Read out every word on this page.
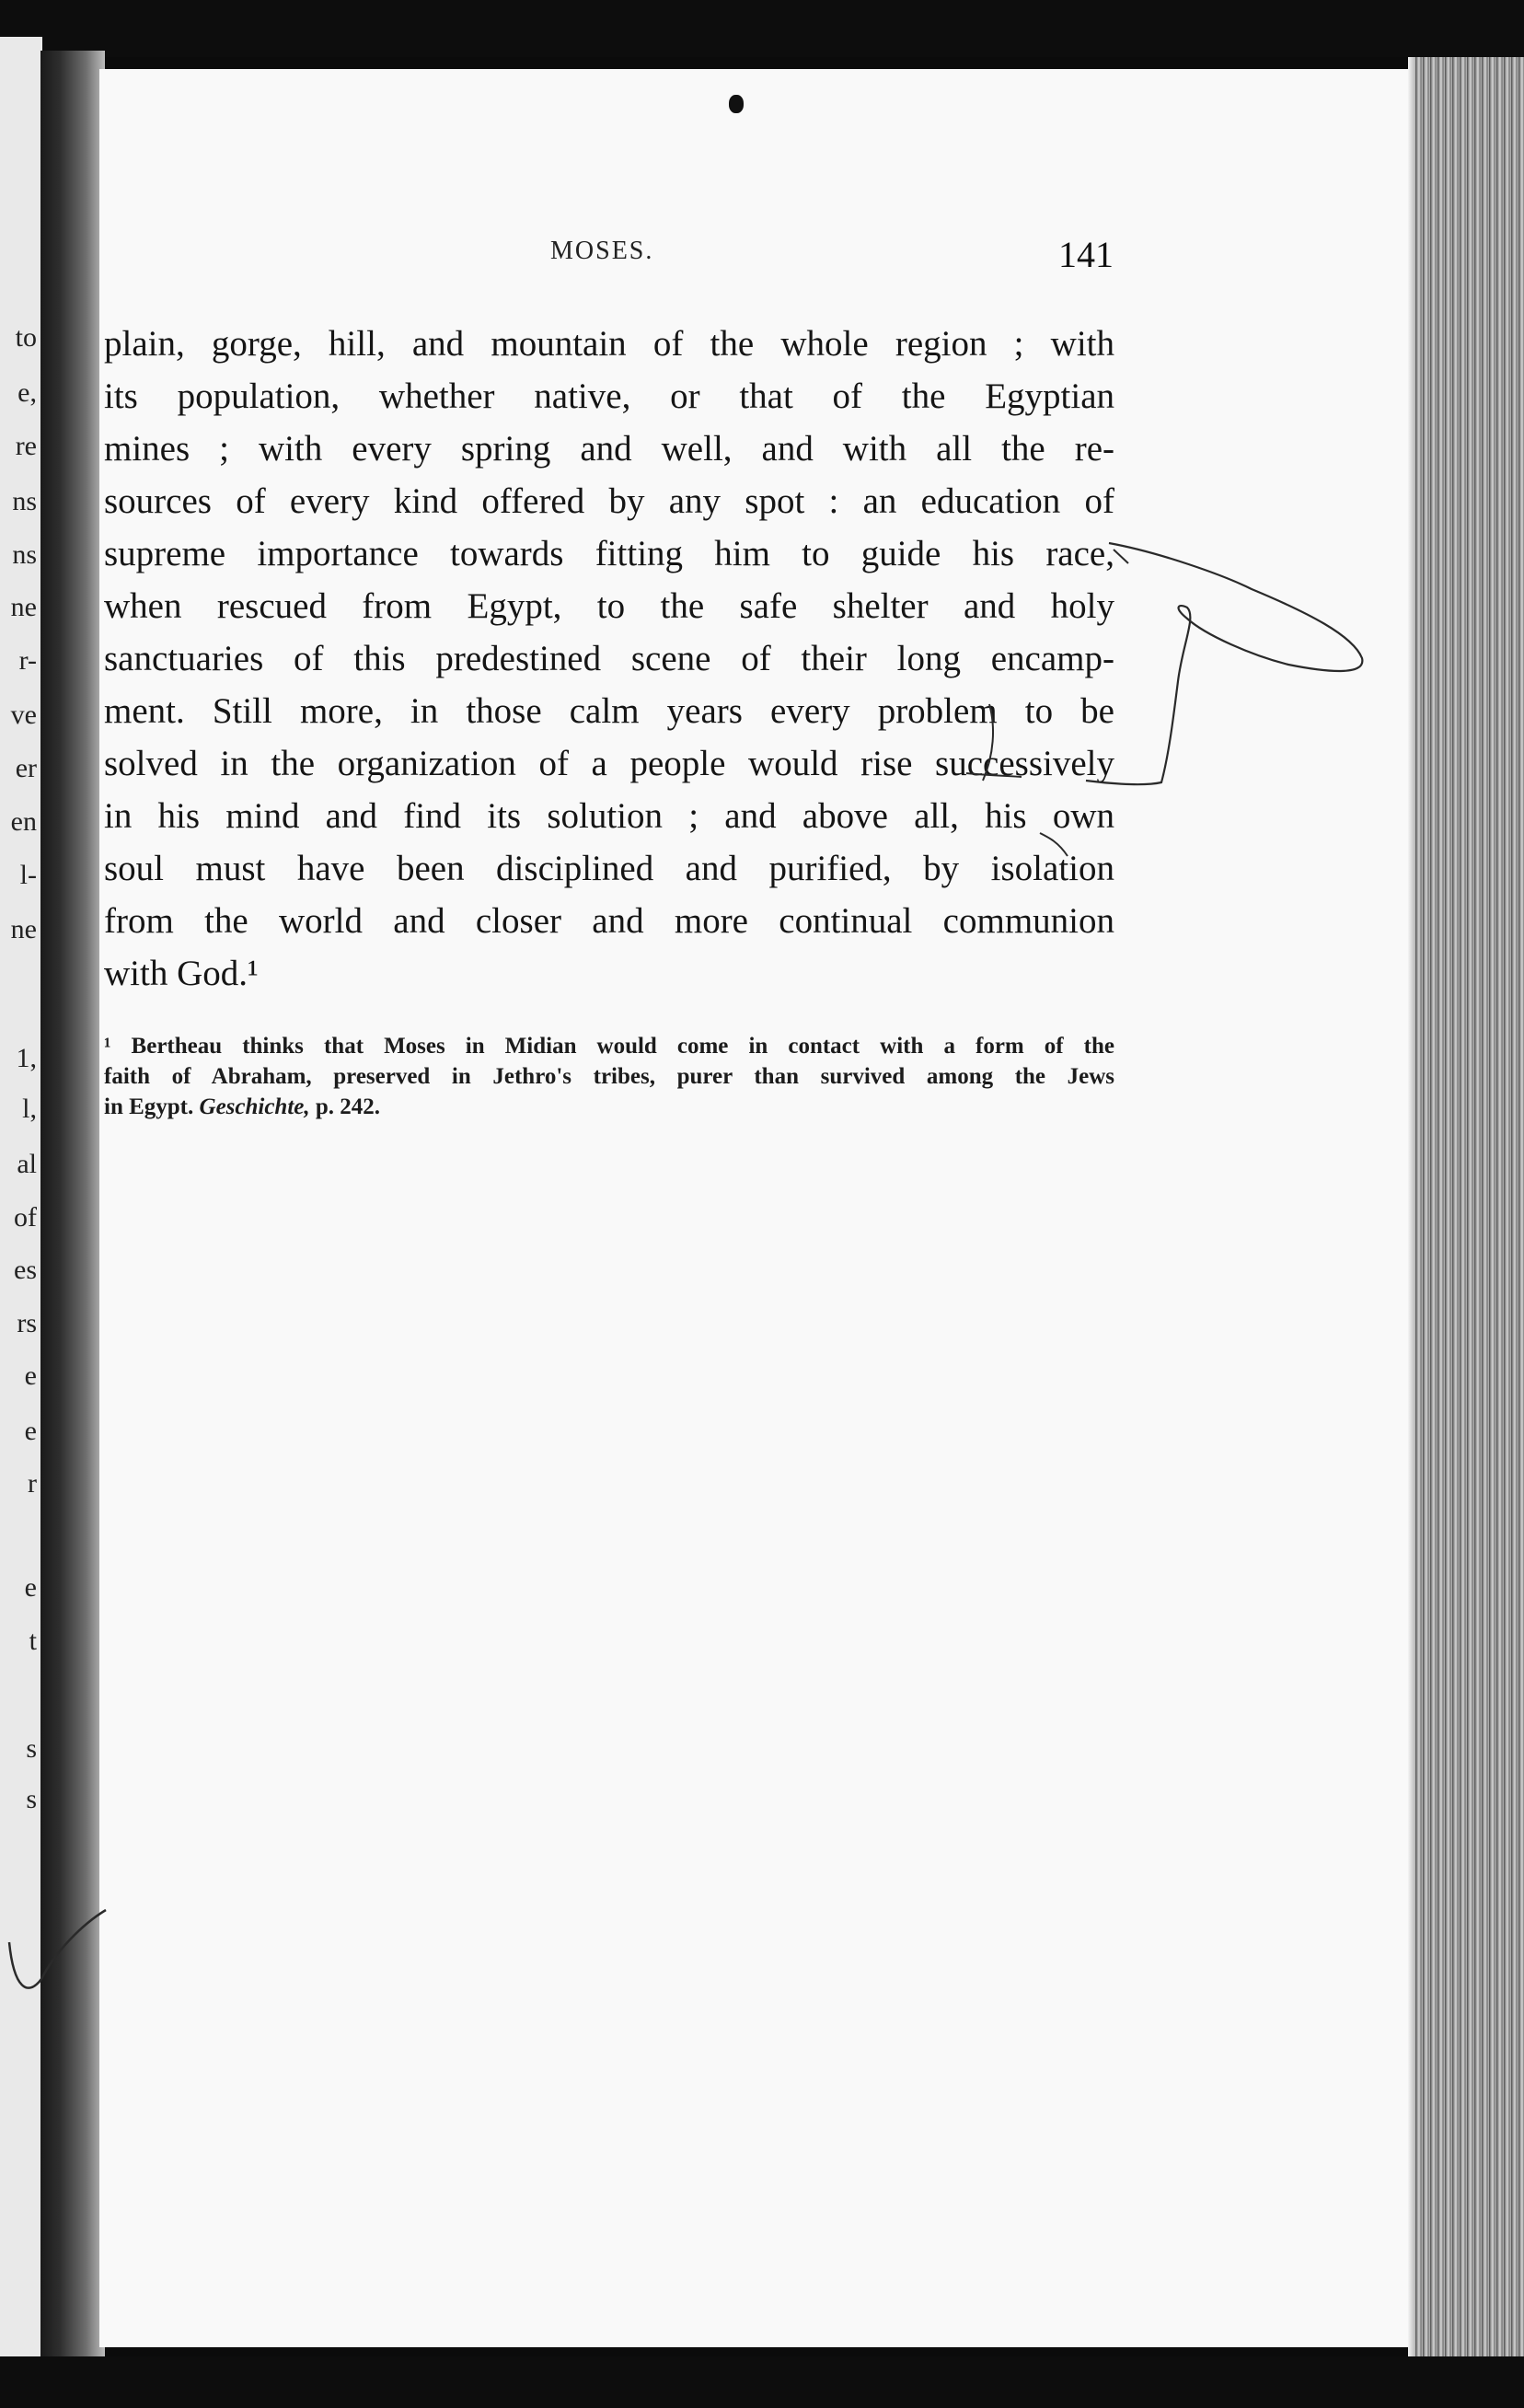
to
e,
re
ns
ns
ne
r-
ve
er
en
l-
ne
1,
l,
al
of
es
rs
e
e
r
e
t
s
s
MOSES.	141
plain, gorge, hill, and mountain of the whole region ; with
its population, whether native, or that of the Egyptian
mines ; with every spring and well, and with all the re-
sources of every kind offered by any spot : an education of
supreme importance towards fitting him to guide his race,
when rescued from Egypt, to the safe shelter and holy
sanctuaries of this predestined scene of their long encamp-
ment. Still more, in those calm years every problem to be
solved in the organization of a people would rise successively
in his mind and find its solution ; and above all, his own
soul must have been disciplined and purified, by isolation
from the world and closer and more continual communion
with God.¹
¹ Bertheau thinks that Moses in Midian would come in contact with a form of the
faith of Abraham, preserved in Jethro's tribes, purer than survived among the Jews
in Egypt. Geschichte, p. 242.
